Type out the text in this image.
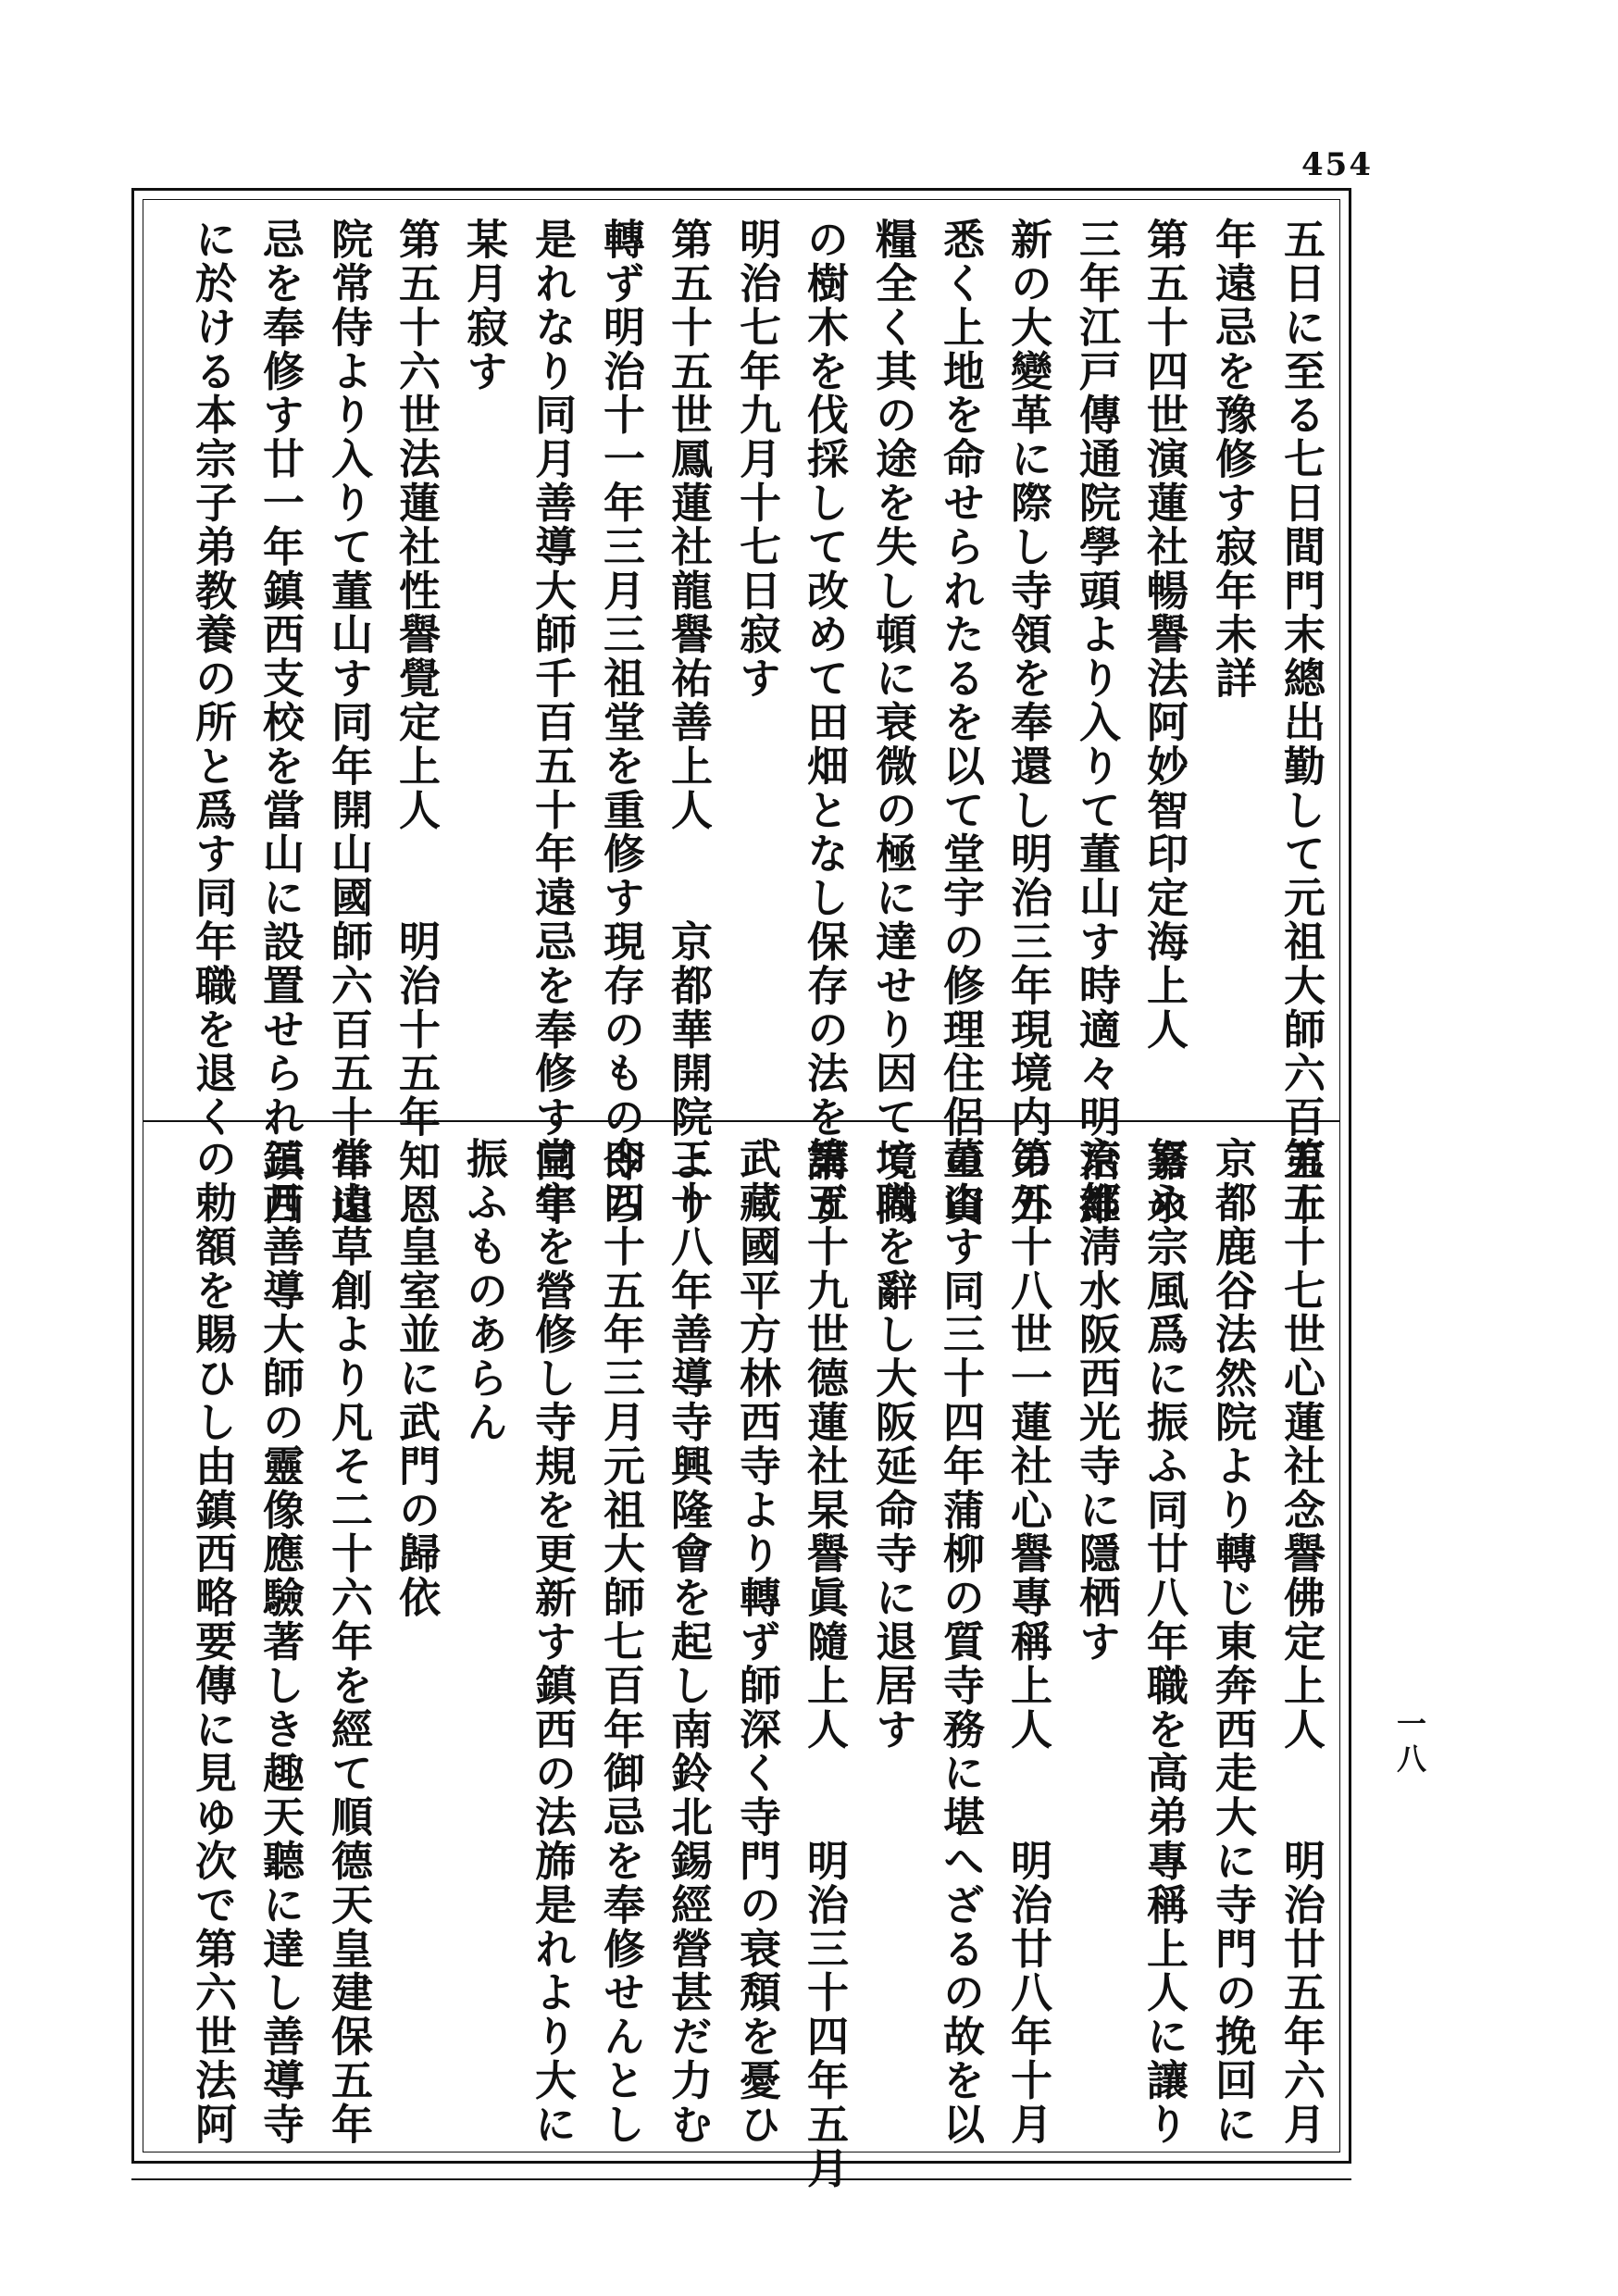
454
一八
五日に至る七日間門末總出勤して元祖大師六百五十
年遠忌を豫修す寂年未詳
第五十四世演蓮社暢譽法阿妙智印定海上人　　嘉永
三年江戸傳通院學頭より入りて董山す時適々明治維
新の大變革に際し寺領を奉還し明治三年現境内の外
悉く上地を命せられたるを以て堂宇の修理住侶の資
糧全く其の途を失し頓に衰微の極に達せり因て境内
の樹木を伐採して改めて田畑となし保存の法を講ず
明治七年九月十七日寂す
第五十五世鳳蓮社龍譽祐善上人　　京都華開院より
轉ず明治十一年三月三祖堂を重修す現存のもの即ち
是れなり同月善導大師千百五十年遠忌を奉修す同年
某月寂す
第五十六世法蓮社性譽覺定上人　　明治十五年知恩
院常侍より入りて董山す同年開山國師六百五十年遠
忌を奉修す廿一年鎮西支校を當山に設置せられ鎮西
に於ける本宗子弟教養の所と爲す同年職を退く
第五十七世心蓮社念譽佛定上人　　明治廿五年六月
京都鹿谷法然院より轉じ東奔西走大に寺門の挽回に
努め宗風爲に振ふ同廿八年職を高弟專稱上人に讓り
京都淸水阪西光寺に隱栖す
第五十八世一蓮社心譽專稱上人　　明治廿八年十月
董山す同三十四年蒲柳の質寺務に堪へざるの故を以
て職を辭し大阪延命寺に退居す
第五十九世德蓮社杲譽眞隨上人　　明治三十四年五月
武藏國平方林西寺より轉ず師深く寺門の衰頽を憂ひ
三十八年善導寺興隆會を起し南鈴北錫經營甚だ力む
今四十五年三月元祖大師七百年御忌を奉修せんとし
堂宇を營修し寺規を更新す鎮西の法旆是れより大に
振ふものあらん
　　皇室並に武門の歸依
當山草創より凡そ二十六年を經て順德天皇建保五年
三月善導大師の靈像應驗著しき趣天聽に達し善導寺
の勅額を賜ひし由鎮西略要傳に見ゆ次で第六世法阿
